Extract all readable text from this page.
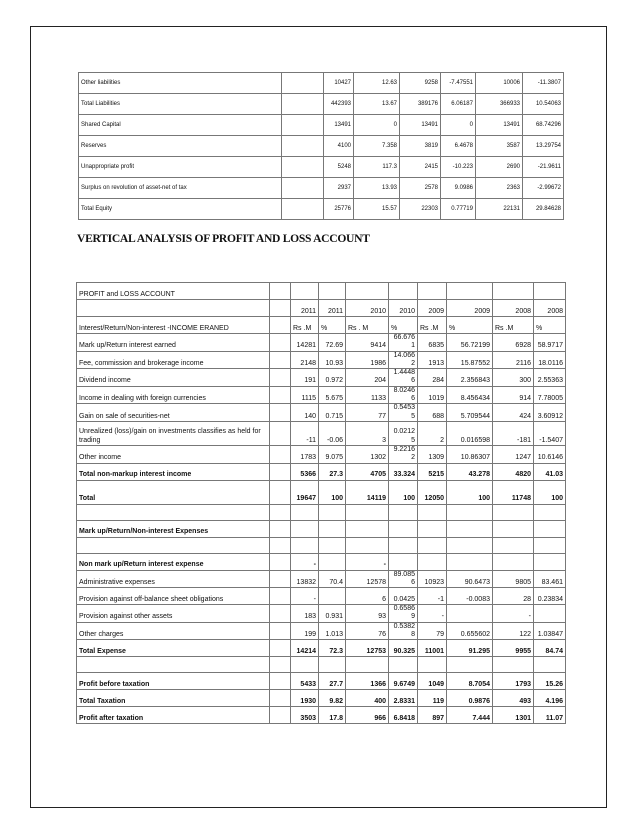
Other liabilities		10427	12.63	9258	-7.47551	10006	-11.3807	
Total Liabilities		442393	13.67	389176	6.06187	366933	10.54063	
Shared Capital		13491	0	13491	0	13491	68.74296	
Reserves		4100	7.358	3819	6.4678	3587	13.29754	
Unappropriate profit		5248	117.3	2415	-10.223	2690	-21.9611	
Surplus on revolution of asset-net of tax		2937	13.93	2578	9.0986	2363	-2.99672	
Total Equity		25776	15.57	22303	0.77719	22131	29.84628	
VERTICAL ANALYSIS OF PROFIT AND LOSS ACCOUNT
PROFIT and LOSS ACCOUNT									
		2011	2011	2010	2010	2009	2009	2008	2008
Interest/Return/Non-interest -INCOME ERANED		Rs .M	%	Rs . M	%	Rs .M	%	Rs .M	%
Mark up/Return interest earned		14281	72.69	9414	66.6761	6835	56.72199	6928	58.9717
Fee, commission and brokerage income		2148	10.93	1986	14.0662	1913	15.87552	2116	18.0116
Dividend income		191	0.972	204	1.44486	284	2.356843	300	2.55363
Income in dealing with foreign currencies		1115	5.675	1133	8.02466	1019	8.456434	914	7.78005
Gain on sale of securities-net		140	0.715	77	0.54535	688	5.709544	424	3.60912
Unrealized (loss)/gain on investments classifies as held for trading		-11	-0.06	3	0.02125	2	0.016598	-181	-1.5407
Other income		1783	9.075	1302	9.22162	1309	10.86307	1247	10.6146
Total non-markup interest income		5366	27.3	4705	33.324	5215	43.278	4820	41.03
Total		19647	100	14119	100	12050	100	11748	100

Mark up/Return/Non-interest Expenses									

Non mark up/Return interest expense		-		-					
Administrative expenses		13832	70.4	12578	89.0856	10923	90.6473	9805	83.461
Provision against off-balance sheet obligations		-		6	0.0425	-1	-0.0083	28	0.23834
Provision against other assets		183	0.931	93	0.65869	-		-	
Other charges		199	1.013	76	0.53828	79	0.655602	122	1.03847
Total Expense		14214	72.3	12753	90.325	11001	91.295	9955	84.74

Profit before taxation		5433	27.7	1366	9.6749	1049	8.7054	1793	15.26
Total Taxation		1930	9.82	400	2.8331	119	0.9876	493	4.196
Profit after taxation		3503	17.8	966	6.8418	897	7.444	1301	11.07
